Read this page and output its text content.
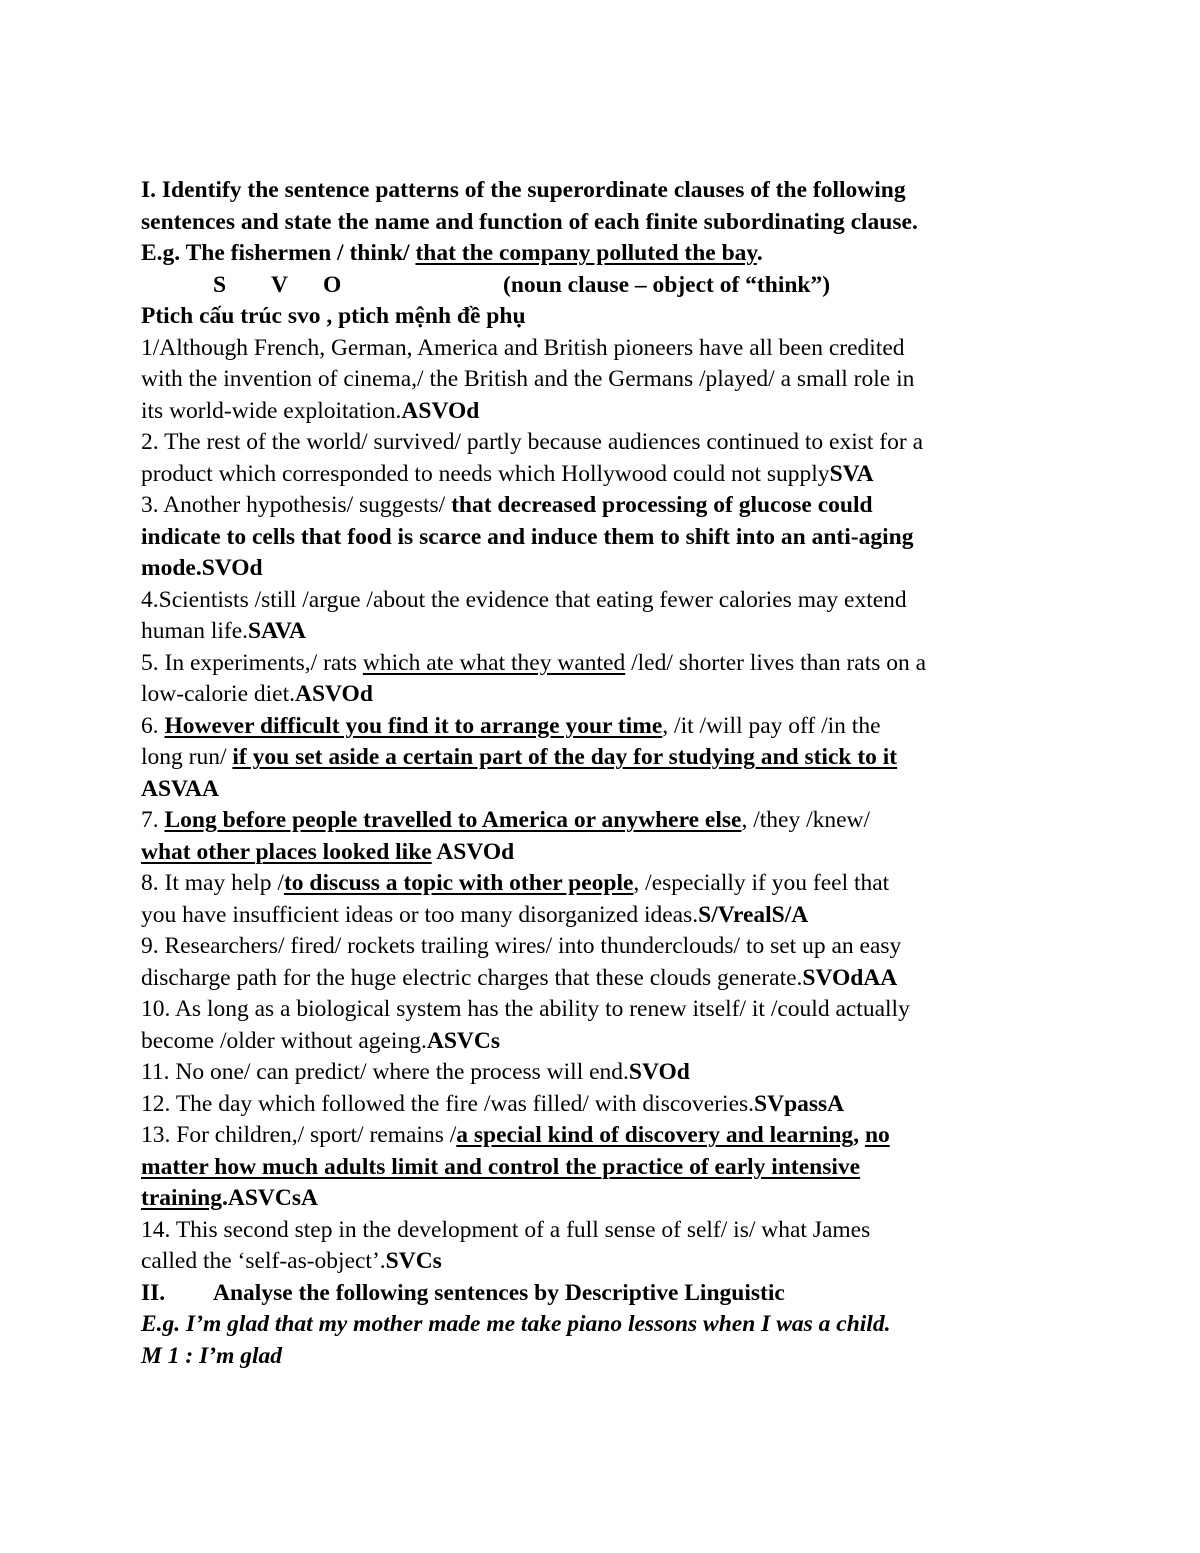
I. Identify the sentence patterns of the superordinate clauses of the following
sentences and state the name and function of each finite subordinating clause.
E.g. The fishermen / think/ that the company polluted the bay.
S V O	(noun clause – object of “think”)
Ptich cấu trúc svo , ptich mệnh đề phụ
1/Although French, German, America and British pioneers have all been credited
with the invention of cinema,/ the British and the Germans /played/ a small role in
its world-wide exploitation.ASVOd
2. The rest of the world/ survived/ partly because audiences continued to exist for a
product which corresponded to needs which Hollywood could not supplySVA
3. Another hypothesis/ suggests/ that decreased processing of glucose could
indicate to cells that food is scarce and induce them to shift into an anti-aging
mode.SVOd
4.Scientists /still /argue /about the evidence that eating fewer calories may extend
human life.SAVA
5. In experiments,/ rats which ate what they wanted /led/ shorter lives than rats on a
low-calorie diet.ASVOd
6. However difficult you find it to arrange your time, /it /will pay off /in the
long run/ if you set aside a certain part of the day for studying and stick to it
ASVAA
7. Long before people travelled to America or anywhere else, /they /knew/
what other places looked like ASVOd
8. It may help /to discuss a topic with other people, /especially if you feel that
you have insufficient ideas or too many disorganized ideas.S/VrealS/A
9. Researchers/ fired/ rockets trailing wires/ into thunderclouds/ to set up an easy
discharge path for the huge electric charges that these clouds generate.SVOdAA
10. As long as a biological system has the ability to renew itself/ it /could actually
become /older without ageing.ASVCs
11. No one/ can predict/ where the process will end.SVOd
12. The day which followed the fire /was filled/ with discoveries.SVpassA
13. For children,/ sport/ remains /a special kind of discovery and learning, no
matter how much adults limit and control the practice of early intensive
training.ASVCsA
14. This second step in the development of a full sense of self/ is/ what James
called the ‘self-as-object’.SVCs
II. Analyse the following sentences by Descriptive Linguistic
E.g. I’m glad that my mother made me take piano lessons when I was a child.
M 1 : I’m glad
